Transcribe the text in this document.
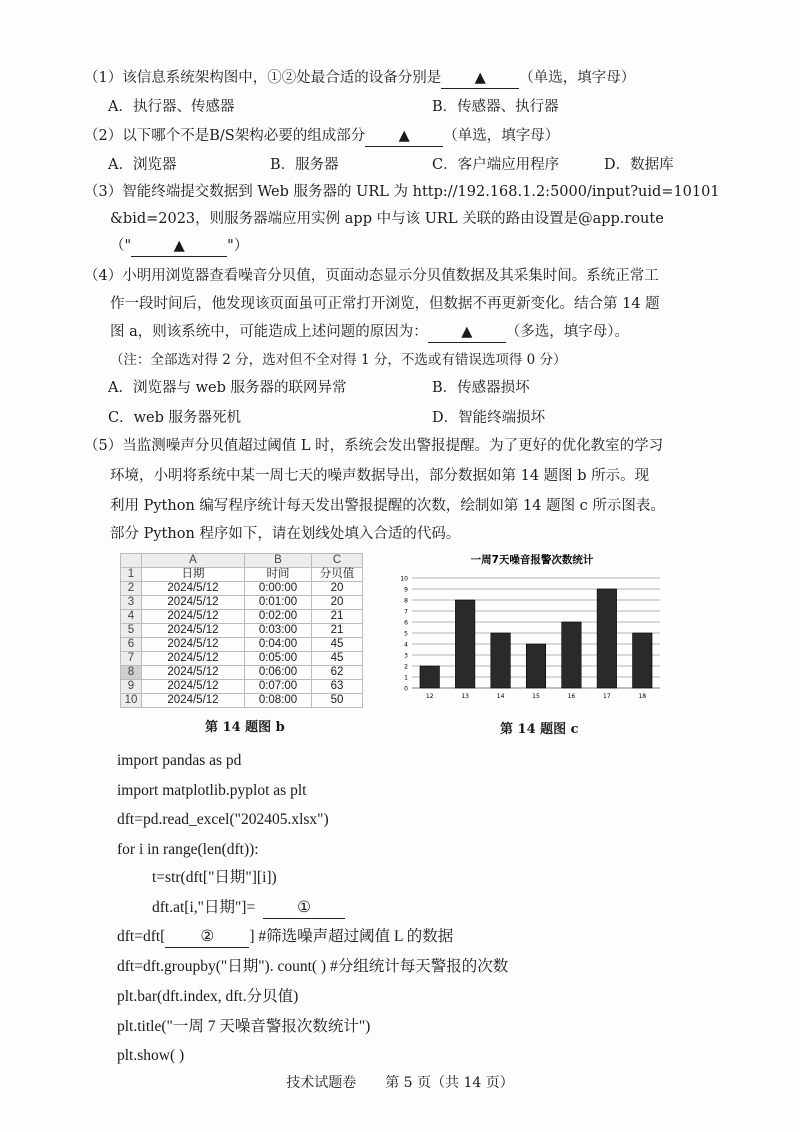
（1）该信息系统架构图中，①②处最合适的设备分别是 ▲ （单选，填字母）
A．执行器、传感器	B．传感器、执行器
（2）以下哪个不是B/S架构必要的组成部分 ▲ （单选，填字母）
A．浏览器	B．服务器	C．客户端应用程序	D．数据库
（3）智能终端提交数据到 Web 服务器的 URL 为 http://192.168.1.2:5000/input?uid=10101
&bid=2023，则服务器端应用实例 app 中与该 URL 关联的路由设置是@app.route
（"	▲	"）
（4）小明用浏览器查看噪音分贝值，页面动态显示分贝值数据及其采集时间。系统正常工
作一段时间后，他发现该页面虽可正常打开浏览，但数据不再更新变化。结合第 14 题
图 a，则该系统中，可能造成上述问题的原因为： ▲ （多选，填字母）。
（注：全部选对得 2 分，选对但不全对得 1 分，不选或有错误选项得 0 分）
A．浏览器与 web 服务器的联网异常	B．传感器损坏
C．web 服务器死机	D．智能终端损坏
（5）当监测噪声分贝值超过阈值 L 时，系统会发出警报提醒。为了更好的优化教室的学习
环境，小明将系统中某一周七天的噪声数据导出，部分数据如第 14 题图 b 所示。现
利用 Python 编写程序统计每天发出警报提醒的次数，绘制如第 14 题图 c 所示图表。
部分 Python 程序如下，请在划线处填入合适的代码。
	A	B	C
1	日期	时间	分贝值
2	2024/5/12	0:00:00	20
3	2024/5/12	0:01:00	20
4	2024/5/12	0:02:00	21
5	2024/5/12	0:03:00	21
6	2024/5/12	0:04:00	45
7	2024/5/12	0:05:00	45
8	2024/5/12	0:06:00	62
9	2024/5/12	0:07:00	63
10	2024/5/12	0:08:00	50
第 14 题图 b
一周7天噪音报警次数统计
0
1
2
3
4
5
6
7
8
9
10
12	13	14	15	16	17	18
第 14 题图 c
import pandas as pd
import matplotlib.pyplot as plt
dft=pd.read_excel("202405.xlsx")
for i in range(len(dft)):
t=str(dft["日期"][i])
dft.at[i,"日期"]=	①
dft=dft[ ② ] #筛选噪声超过阈值 L 的数据
dft=dft.groupby("日期"). count( ) #分组统计每天警报的次数
plt.bar(dft.index, dft.分贝值)
plt.title("一周 7 天噪音警报次数统计")
plt.show( )
技术试题卷 第 5 页（共 14 页）
